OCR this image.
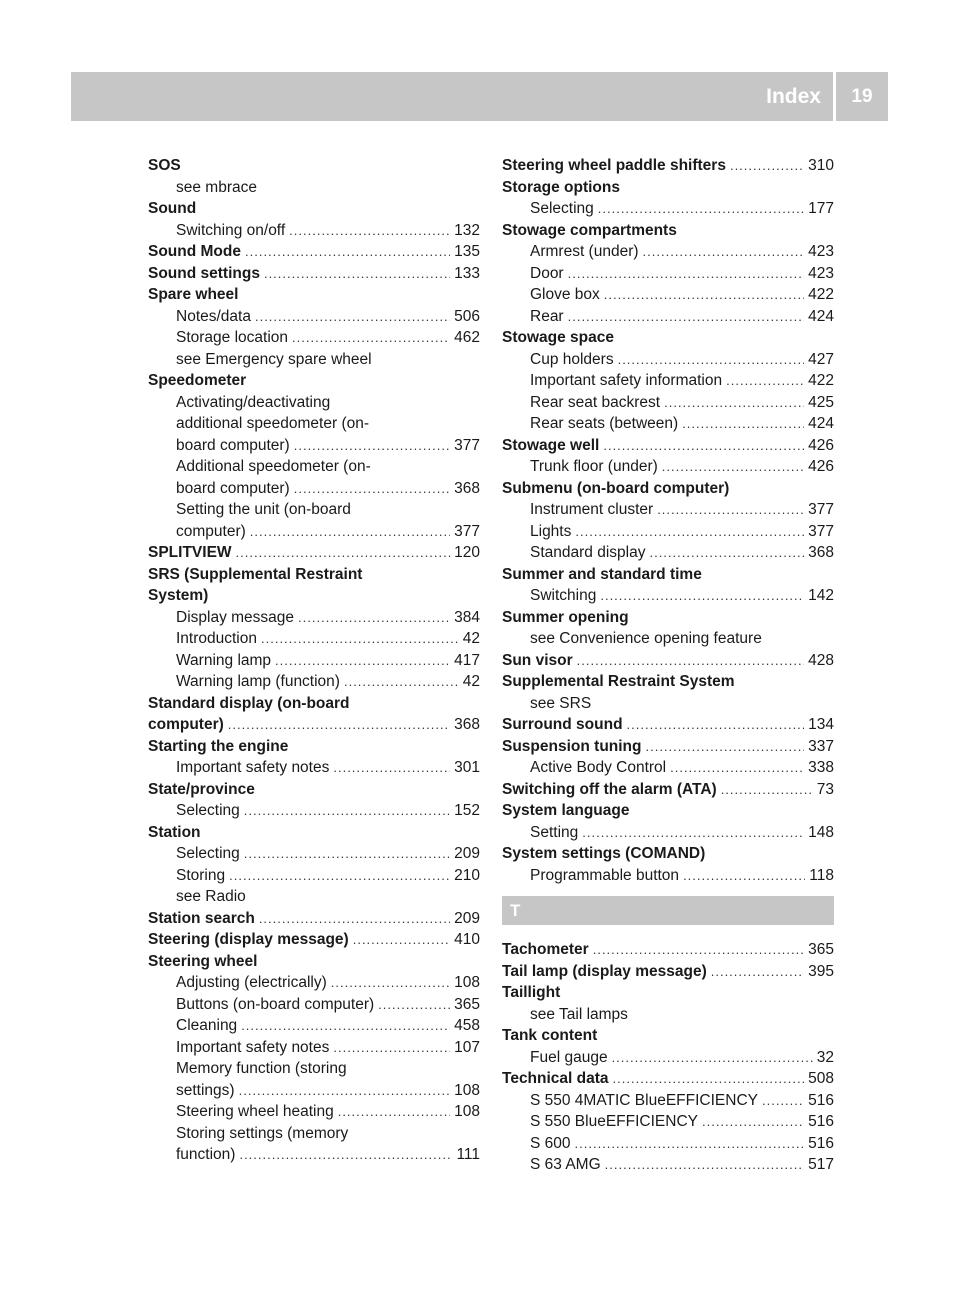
Index	19
SOS
see mbrace
Sound
Switching on/off .....	132
Sound Mode .....	135
Sound settings .....	133
Spare wheel
Notes/data .....	506
Storage location .....	462
see Emergency spare wheel
Speedometer
Activating/deactivating
additional speedometer (on-
board computer) .....	377
Additional speedometer (on-
board computer) .....	368
Setting the unit (on-board
computer) .....	377
SPLITVIEW .....	120
SRS (Supplemental Restraint
System)
Display message .....	384
Introduction .....	42
Warning lamp .....	417
Warning lamp (function) .....	42
Standard display (on-board
computer) .....	368
Starting the engine
Important safety notes .....	301
State/province
Selecting .....	152
Station
Selecting .....	209
Storing .....	210
see Radio
Station search .....	209
Steering (display message) .....	410
Steering wheel
Adjusting (electrically) .....	108
Buttons (on-board computer) .....	365
Cleaning .....	458
Important safety notes .....	107
Memory function (storing
settings) .....	108
Steering wheel heating .....	108
Storing settings (memory
function) .....	111
Steering wheel paddle shifters .....	310
Storage options
Selecting .....	177
Stowage compartments
Armrest (under) .....	423
Door .....	423
Glove box .....	422
Rear .....	424
Stowage space
Cup holders .....	427
Important safety information .....	422
Rear seat backrest .....	425
Rear seats (between) .....	424
Stowage well .....	426
Trunk floor (under) .....	426
Submenu (on-board computer)
Instrument cluster .....	377
Lights .....	377
Standard display .....	368
Summer and standard time
Switching .....	142
Summer opening
see Convenience opening feature
Sun visor .....	428
Supplemental Restraint System
see SRS
Surround sound .....	134
Suspension tuning .....	337
Active Body Control .....	338
Switching off the alarm (ATA) .....	73
System language
Setting .....	148
System settings (COMAND)
Programmable button .....	118
T
Tachometer .....	365
Tail lamp (display message) .....	395
Taillight
see Tail lamps
Tank content
Fuel gauge .....	32
Technical data .....	508
S 550 4MATIC BlueEFFICIENCY .....	516
S 550 BlueEFFICIENCY .....	516
S 600 .....	516
S 63 AMG .....	517
